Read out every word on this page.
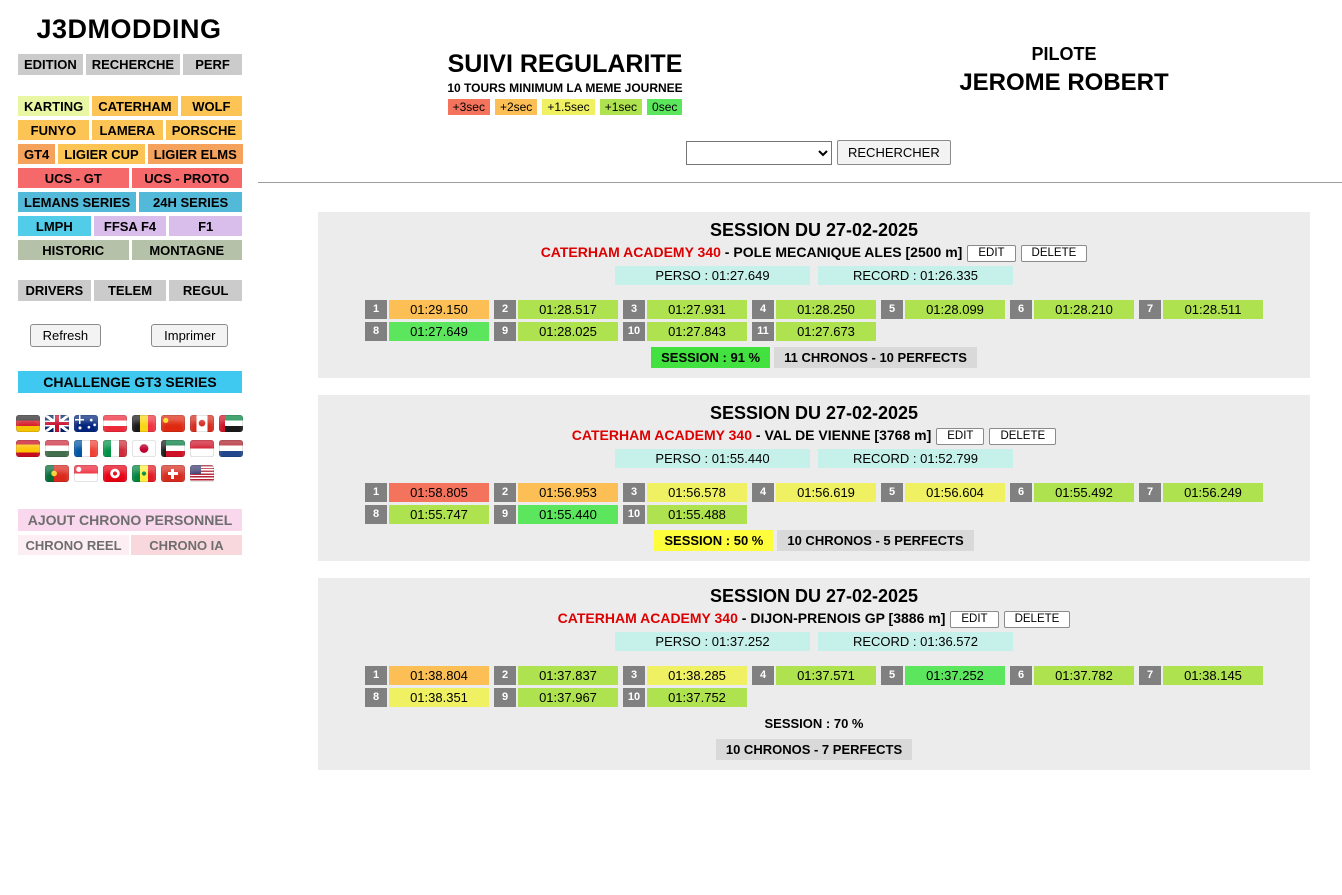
J3DMODDING
EDITION	RECHERCHE	PERF
KARTING	CATERHAM	WOLF
FUNYO	LAMERA	PORSCHE
GT4	LIGIER CUP	LIGIER ELMS
UCS - GT	UCS - PROTO
LEMANS SERIES	24H SERIES
LMPH	FFSA F4	F1
HISTORIC	MONTAGNE
DRIVERS	TELEM	REGUL
Refresh	Imprimer
CHALLENGE GT3 SERIES
AJOUT CHRONO PERSONNEL
CHRONO REEL	CHRONO IA
SUIVI REGULARITE
10 TOURS MINIMUM LA MEME JOURNEE
+3sec	+2sec	+1.5sec	+1sec	0sec
PILOTE
JEROME ROBERT
RECHERCHER
SESSION DU 27-02-2025
CATERHAM ACADEMY 340 - POLE MECANIQUE ALES [2500 m] EDIT DELETE
PERSO : 01:27.649	RECORD : 01:26.335
1	01:29.150	2	01:28.517	3	01:27.931	4	01:28.250	5	01:28.099	6	01:28.210	7	01:28.511
8	01:27.649	9	01:28.025	10	01:27.843	11	01:27.673
SESSION : 91 %	11 CHRONOS - 10 PERFECTS
SESSION DU 27-02-2025
CATERHAM ACADEMY 340 - VAL DE VIENNE [3768 m] EDIT DELETE
PERSO : 01:55.440	RECORD : 01:52.799
1	01:58.805	2	01:56.953	3	01:56.578	4	01:56.619	5	01:56.604	6	01:55.492	7	01:56.249
8	01:55.747	9	01:55.440	10	01:55.488
SESSION : 50 %	10 CHRONOS - 5 PERFECTS
SESSION DU 27-02-2025
CATERHAM ACADEMY 340 - DIJON-PRENOIS GP [3886 m] EDIT DELETE
PERSO : 01:37.252	RECORD : 01:36.572
1	01:38.804	2	01:37.837	3	01:38.285	4	01:37.571	5	01:37.252	6	01:37.782	7	01:38.145
8	01:38.351	9	01:37.967	10	01:37.752
SESSION : 70 %
10 CHRONOS - 7 PERFECTS
